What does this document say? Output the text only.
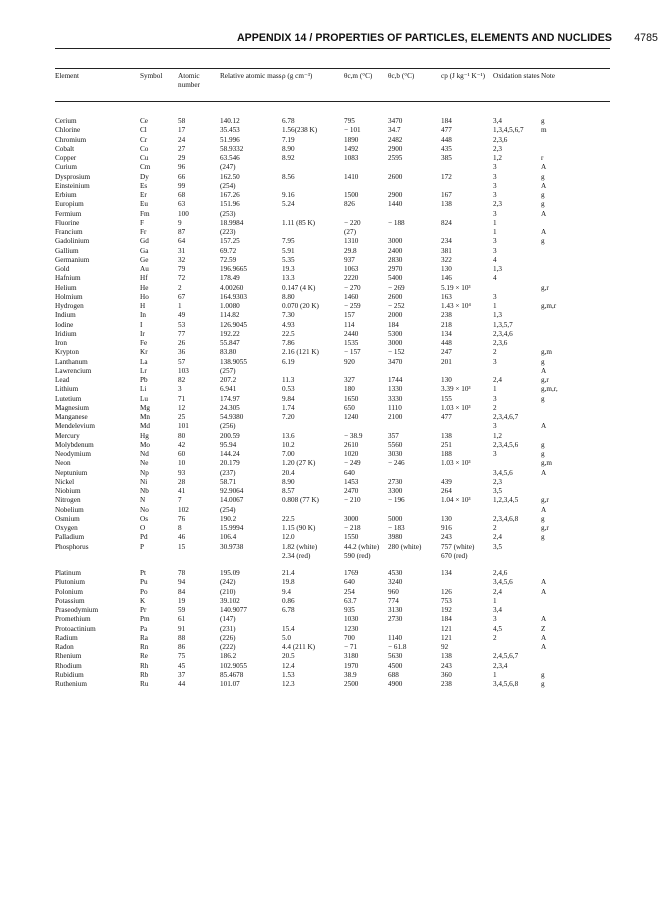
APPENDIX 14 / PROPERTIES OF PARTICLES, ELEMENTS AND NUCLIDES 4785
Element	Symbol	Atomic number	Relative atomic mass	ρ (g cm⁻³)	θc,m (°C)	θc,b (°C)	cp (J kg⁻¹ K⁻¹)	Oxidation states	Note

Cerium	Ce	58	140.12	6.78	795	3470	184	3,4	g
Chlorine	Cl	17	35.453	1.56(238 K)	− 101	34.7	477	1,3,4,5,6,7	m
Chromium	Cr	24	51.996	7.19	1890	2482	448	2,3,6	
Cobalt	Co	27	58.9332	8.90	1492	2900	435	2,3	
Copper	Cu	29	63.546	8.92	1083	2595	385	1,2	r
Curium	Cm	96	(247)					3	A
Dysprosium	Dy	66	162.50	8.56	1410	2600	172	3	g
Einsteinium	Es	99	(254)					3	A
Erbium	Er	68	167.26	9.16	1500	2900	167	3	g
Europium	Eu	63	151.96	5.24	826	1440	138	2,3	g
Fermium	Fm	100	(253)					3	A
Fluorine	F	9	18.9984	1.11 (85 K)	− 220	− 188	824	1	
Francium	Fr	87	(223)		(27)			1	A
Gadolinium	Gd	64	157.25	7.95	1310	3000	234	3	g
Gallium	Ga	31	69.72	5.91	29.8	2400	381	3	
Germanium	Ge	32	72.59	5.35	937	2830	322	4	
Gold	Au	79	196.9665	19.3	1063	2970	130	1,3	
Hafnium	Hf	72	178.49	13.3	2220	5400	146	4	
Helium	He	2	4.00260	0.147 (4 K)	− 270	− 269	5.19 × 10³		g,r
Holmium	Ho	67	164.9303	8.80	1460	2600	163	3	
Hydrogen	H	1	1.0080	0.070 (20 K)	− 259	− 252	1.43 × 10⁴	1	g,m,r
Indium	In	49	114.82	7.30	157	2000	238	1,3	
Iodine	I	53	126.9045	4.93	114	184	218	1,3,5,7	
Iridium	Ir	77	192.22	22.5	2440	5300	134	2,3,4,6	
Iron	Fe	26	55.847	7.86	1535	3000	448	2,3,6	
Krypton	Kr	36	83.80	2.16 (121 K)	− 157	− 152	247	2	g,m
Lanthanum	La	57	138.9055	6.19	920	3470	201	3	g
Lawrencium	Lr	103	(257)						A
Lead	Pb	82	207.2	11.3	327	1744	130	2,4	g,r
Lithium	Li	3	6.941	0.53	180	1330	3.39 × 10³	1	g,m,r,
Lutetium	Lu	71	174.97	9.84	1650	3330	155	3	g
Magnesium	Mg	12	24.305	1.74	650	1110	1.03 × 10³	2	
Manganese	Mn	25	54.9380	7.20	1240	2100	477	2,3,4,6,7	
Mendelevium	Md	101	(256)					3	A
Mercury	Hg	80	200.59	13.6	− 38.9	357	138	1,2	
Molybdenum	Mo	42	95.94	10.2	2610	5560	251	2,3,4,5,6	g
Neodymium	Nd	60	144.24	7.00	1020	3030	188	3	g
Neon	Ne	10	20.179	1.20 (27 K)	− 249	− 246	1.03 × 10³		g,m
Neptunium	Np	93	(237)	20.4	640			3,4,5,6	A
Nickel	Ni	28	58.71	8.90	1453	2730	439	2,3	
Niobium	Nb	41	92.9064	8.57	2470	3300	264	3,5	
Nitrogen	N	7	14.0067	0.808 (77 K)	− 210	− 196	1.04 × 10³	1,2,3,4,5	g,r
Nobelium	No	102	(254)						A
Osmium	Os	76	190.2	22.5	3000	5000	130	2,3,4,6,8	g
Oxygen	O	8	15.9994	1.15 (90 K)	− 218	− 183	916	2	g,r
Palladium	Pd	46	106.4	12.0	1550	3980	243	2,4	g
Phosphorus	P	15	30.9738	1.82 (white)	44.2 (white)	280 (white)	757 (white)	3,5	
				2.34 (red)	590 (red)		670 (red)		

Platinum	Pt	78	195.09	21.4	1769	4530	134	2,4,6	
Plutonium	Pu	94	(242)	19.8	640	3240		3,4,5,6	A
Polonium	Po	84	(210)	9.4	254	960	126	2,4	A
Potassium	K	19	39.102	0.86	63.7	774	753	1	
Praseodymium	Pr	59	140.9077	6.78	935	3130	192	3,4	
Promethium	Pm	61	(147)		1030	2730	184	3	A
Protoactinium	Pa	91	(231)	15.4	1230		121	4,5	Z
Radium	Ra	88	(226)	5.0	700	1140	121	2	A
Radon	Rn	86	(222)	4.4 (211 K)	− 71	− 61.8	92		A
Rhenium	Re	75	186.2	20.5	3180	5630	138	2,4,5,6,7	
Rhodium	Rh	45	102.9055	12.4	1970	4500	243	2,3,4	
Rubidium	Rb	37	85.4678	1.53	38.9	688	360	1	g
Ruthenium	Ru	44	101.07	12.3	2500	4900	238	3,4,5,6,8	g
